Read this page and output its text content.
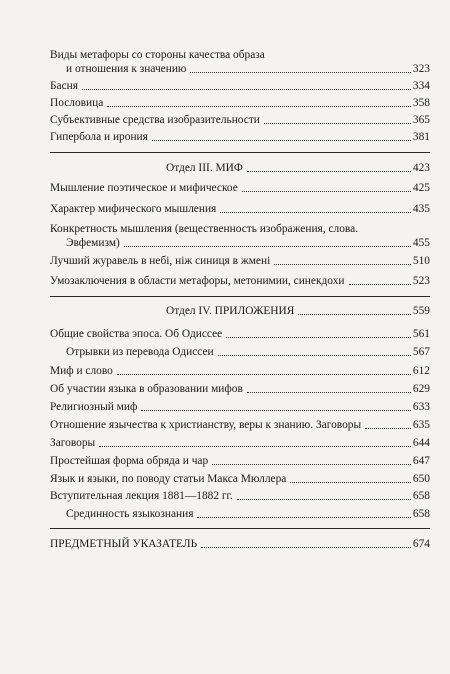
Виды метафоры со стороны качества образа
и отношения к значению	323
Басня	334
Пословица	358
Субъективные средства изобразительности	365
Гипербола и ирония	381
Отдел III. МИФ	423
Мышление поэтическое и мифическое	425
Характер мифического мышления	435
Конкретность мышления (вещественность изображения, слова.
Эвфемизм)	455
Лучший журавель в небі, ніж синиця в жмені	510
Умозаключения в области метафоры, метонимии, синекдохи	523
Отдел IV. ПРИЛОЖЕНИЯ	559
Общие свойства эпоса. Об Одиссее	561
Отрывки из перевода Одиссеи	567
Миф и слово	612
Об участии языка в образовании мифов	629
Религиозный миф	633
Отношение язычества к христианству, веры к знанию. Заговоры	635
Заговоры	644
Простейшая форма обряда и чар	647
Язык и языки, по поводу статьи Макса Мюллера	650
Вступительная лекция 1881—1882 гг.	658
Срединность языкознания	658
ПРЕДМЕТНЫЙ УКАЗАТЕЛЬ	674
